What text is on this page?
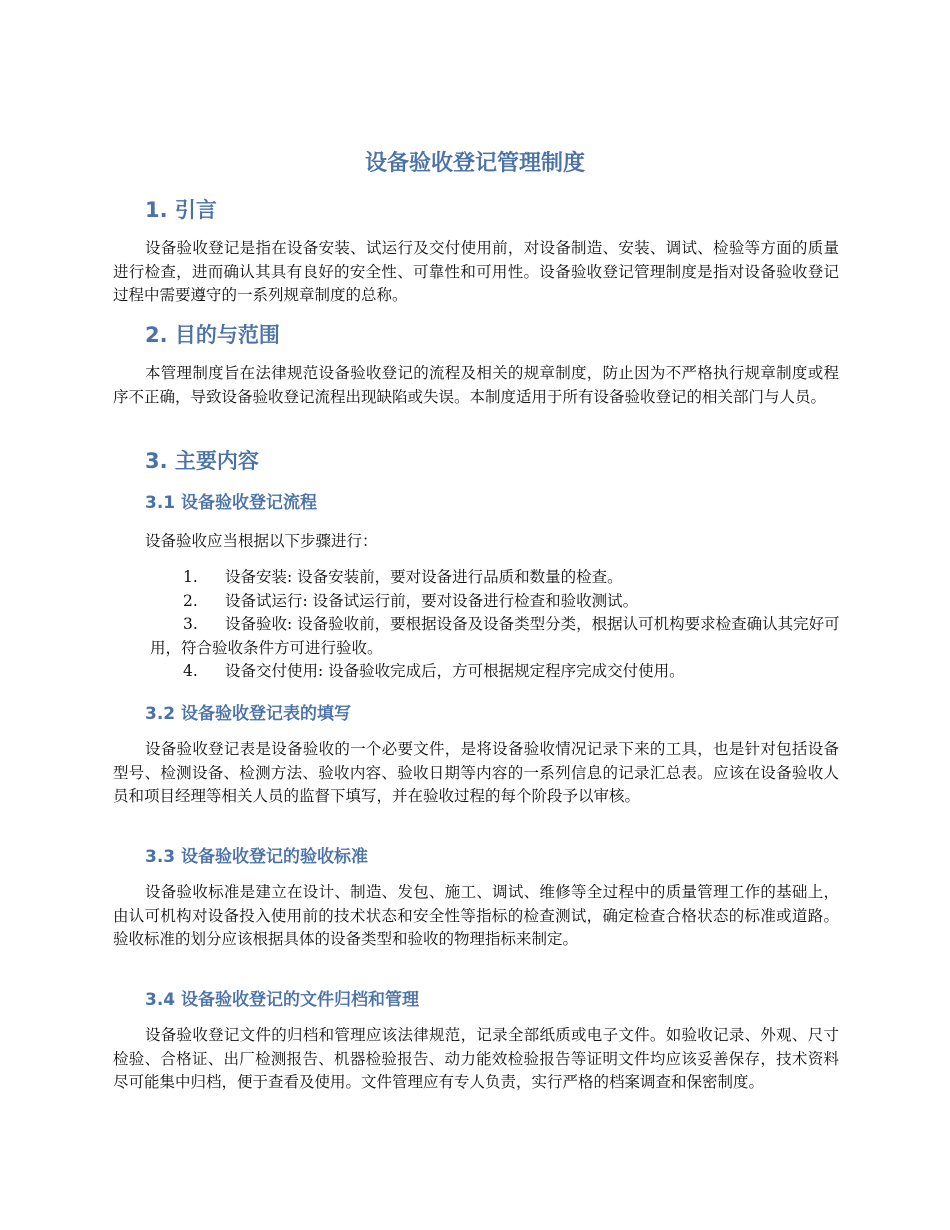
设备验收登记管理制度
1. 引言

设备验收登记是指在设备安装、试运行及交付使用前，对设备制造、安装、调试、检验等方面的质量进行检查，进而确认其具有良好的安全性、可靠性和可用性。设备验收登记管理制度是指对设备验收登记过程中需要遵守的一系列规章制度的总称。

2. 目的与范围

本管理制度旨在法律规范设备验收登记的流程及相关的规章制度，防止因为不严格执行规章制度或程序不正确，导致设备验收登记流程出现缺陷或失误。本制度适用于所有设备验收登记的相关部门与人员。

3. 主要内容
3.1 设备验收登记流程

设备验收应当根据以下步骤进行：

1. 设备安装: 设备安装前，要对设备进行品质和数量的检查。
2. 设备试运行: 设备试运行前，要对设备进行检查和验收测试。
3. 设备验收: 设备验收前，要根据设备及设备类型分类，根据认可机构要求检查确认其完好可用，符合验收条件方可进行验收。
4. 设备交付使用: 设备验收完成后，方可根据规定程序完成交付使用。
3.2 设备验收登记表的填写

设备验收登记表是设备验收的一个必要文件，是将设备验收情况记录下来的工具，也是针对包括设备型号、检测设备、检测方法、验收内容、验收日期等内容的一系列信息的记录汇总表。应该在设备验收人员和项目经理等相关人员的监督下填写，并在验收过程的每个阶段予以审核。

3.3 设备验收登记的验收标准

设备验收标准是建立在设计、制造、发包、施工、调试、维修等全过程中的质量管理工作的基础上，由认可机构对设备投入使用前的技术状态和安全性等指标的检查测试，确定检查合格状态的标准或道路。 验收标准的划分应该根据具体的设备类型和验收的物理指标来制定。

3.4 设备验收登记的文件归档和管理

设备验收登记文件的归档和管理应该法律规范，记录全部纸质或电子文件。如验收记录、外观、尺寸检验、合格证、出厂检测报告、机器检验报告、动力能效检验报告等证明文件均应该妥善保存，技术资料尽可能集中归档，便于查看及使用。文件管理应有专人负责，实行严格的档案调查和保密制度。
